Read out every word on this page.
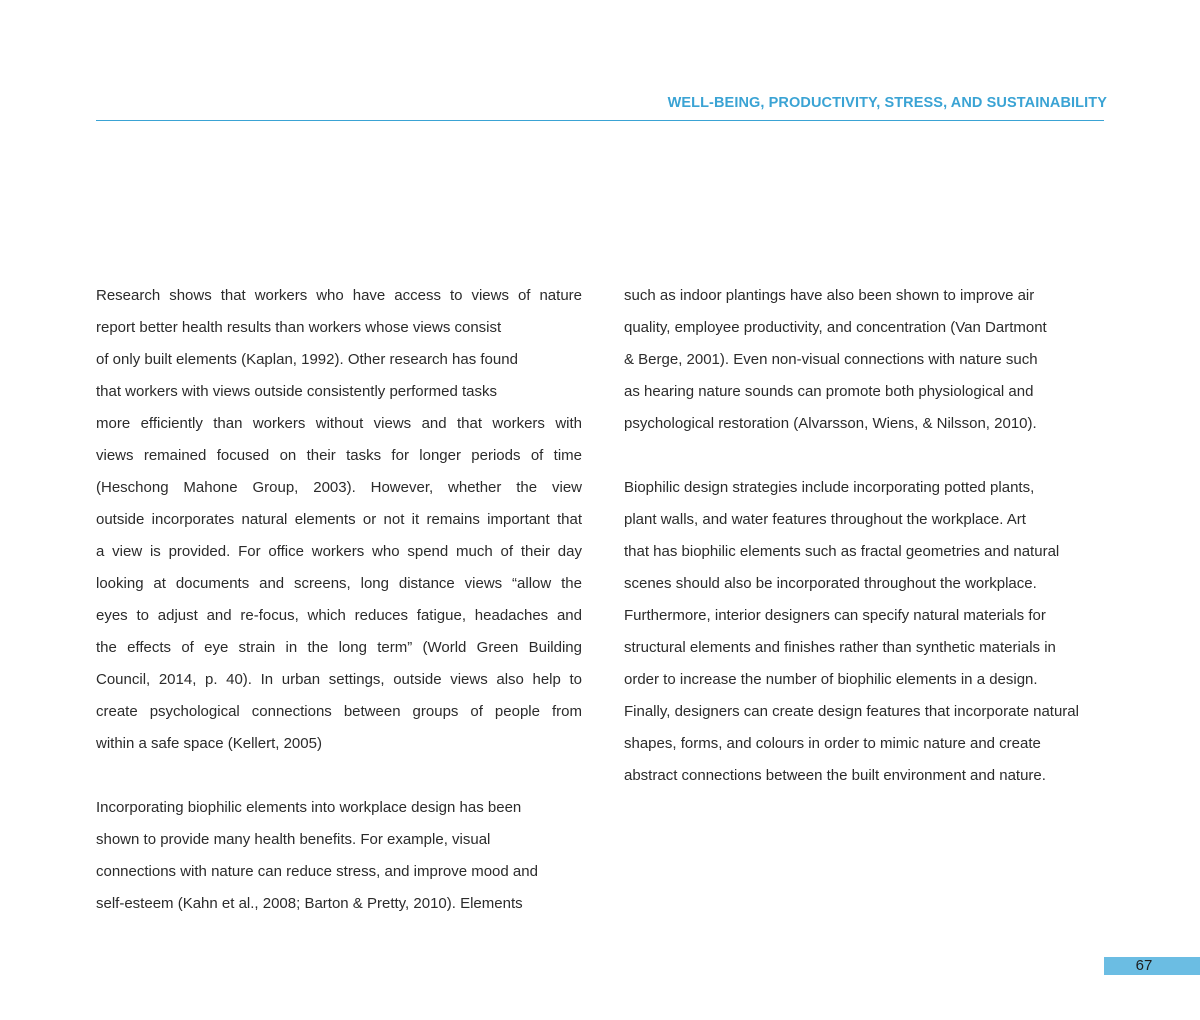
WELL-BEING, PRODUCTIVITY, STRESS, AND SUSTAINABILITY
Research shows that workers who have access to views of nature
report better health results than workers whose views consist
of only built elements (Kaplan, 1992). Other research has found
that workers with views outside consistently performed tasks
more efficiently than workers without views and that workers with
views remained focused on their tasks for longer periods of time
(Heschong Mahone Group, 2003). However, whether the view
outside incorporates natural elements or not it remains important that
a view is provided. For office workers who spend much of their day
looking at documents and screens, long distance views “allow the
eyes to adjust and re-focus, which reduces fatigue, headaches and
the effects of eye strain in the long term” (World Green Building
Council, 2014, p. 40). In urban settings, outside views also help to
create psychological connections between groups of people from
within a safe space (Kellert, 2005)
Incorporating biophilic elements into workplace design has been
shown to provide many health benefits. For example, visual
connections with nature can reduce stress, and improve mood and
self-esteem (Kahn et al., 2008; Barton & Pretty, 2010). Elements
such as indoor plantings have also been shown to improve air
quality, employee productivity, and concentration (Van Dartmont
& Berge, 2001). Even non-visual connections with nature such
as hearing nature sounds can promote both physiological and
psychological restoration (Alvarsson, Wiens, & Nilsson, 2010).
Biophilic design strategies include incorporating potted plants,
plant walls, and water features throughout the workplace. Art
that has biophilic elements such as fractal geometries and natural
scenes should also be incorporated throughout the workplace.
Furthermore, interior designers can specify natural materials for
structural elements and finishes rather than synthetic materials in
order to increase the number of biophilic elements in a design.
Finally, designers can create design features that incorporate natural
shapes, forms, and colours in order to mimic nature and create
abstract connections between the built environment and nature.
67
